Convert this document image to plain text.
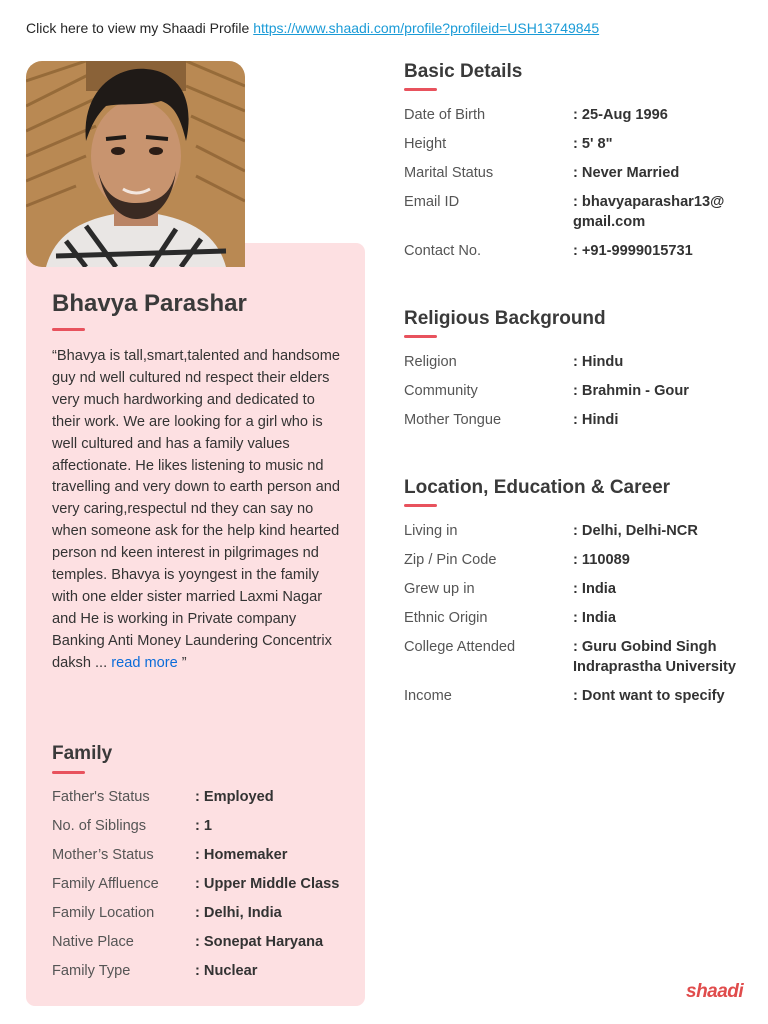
Click here to view my Shaadi Profile https://www.shaadi.com/profile?profileid=USH13749845
Bhavya Parashar
“Bhavya is tall,smart,talented and handsome guy nd well cultured nd respect their elders very much hardworking and dedicated to their work. We are looking for a girl who is well cultured and has a family values affectionate. He likes listening to music nd travelling and very down to earth person and very caring,respectul nd they can say no when someone ask for the help kind hearted person nd keen interest in pilgrimages nd temples. Bhavya is yoyngest in the family with one elder sister married Laxmi Nagar and He is working in Private company Banking Anti Money Laundering Concentrix daksh ... read more ”
Family
Father's Status	: Employed
No. of Siblings	: 1
Mother’s Status	: Homemaker
Family Affluence : Upper Middle Class
Family Location	: Delhi, India
Native Place	: Sonepat Haryana
Family Type	: Nuclear
Basic Details
Date of Birth	: 25-Aug 1996
Height	: 5' 8"
Marital Status	: Never Married
Email ID	: bhavyaparashar13@
gmail.com
Contact No.	: +91-9999015731
Religious Background
Religion	: Hindu
Community	: Brahmin - Gour
Mother Tongue	: Hindi
Location, Education & Career
Living in	: Delhi, Delhi-NCR
Zip / Pin Code	: 110089
Grew up in	: India
Ethnic Origin	: India
College Attended	: Guru Gobind Singh
Indraprastha University
Income	: Dont want to specify
shaadi
